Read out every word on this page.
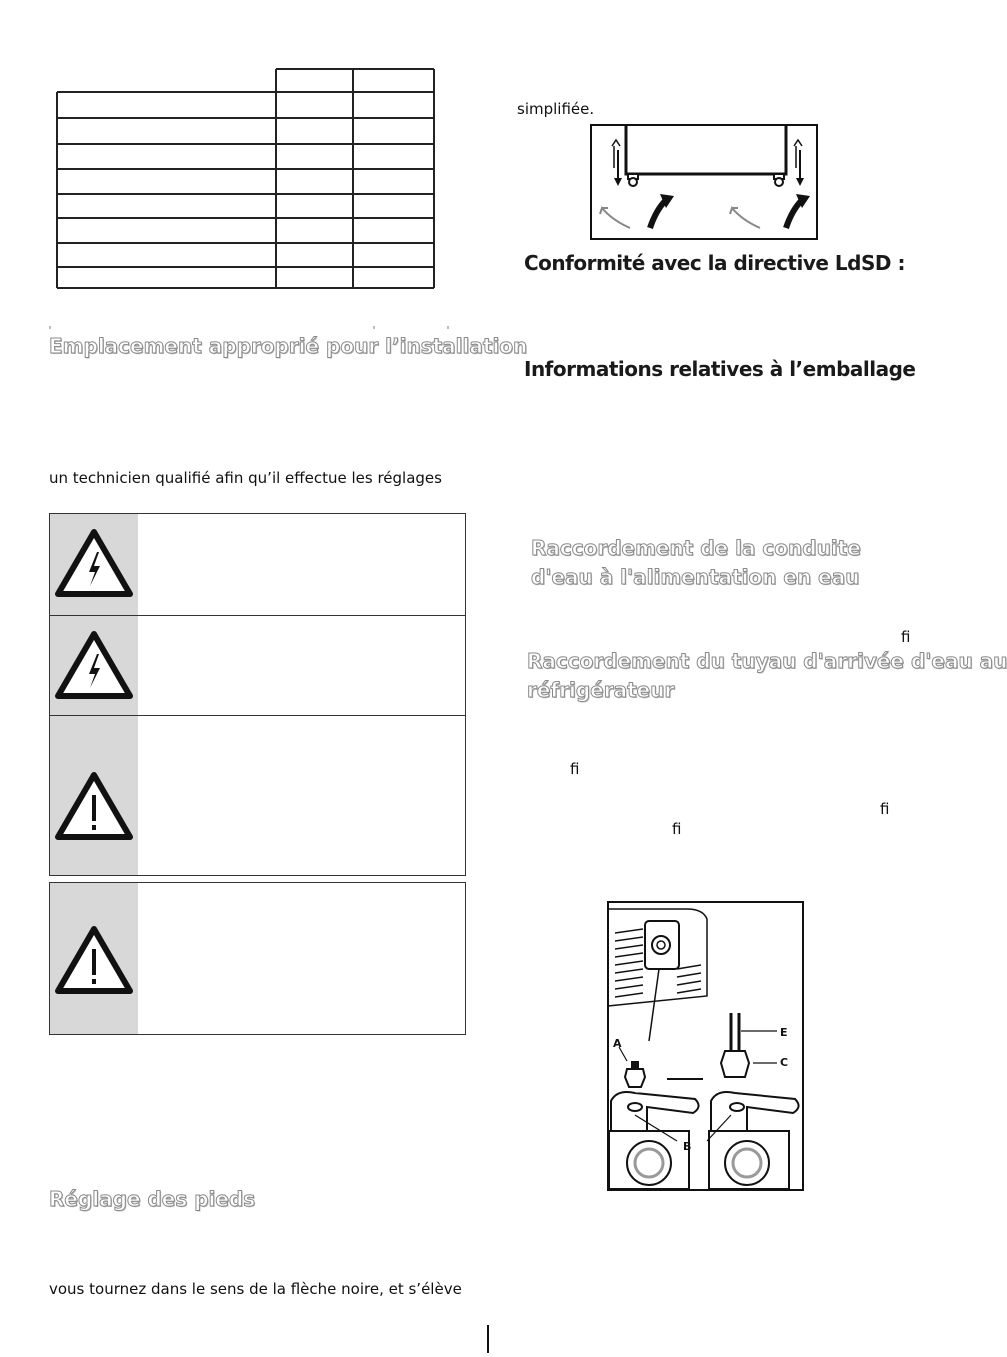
Emplacement approprié pour l’installation
un technicien qualifié afin qu’il effectue les réglages
Réglage des pieds
vous tournez dans le sens de la flèche noire, et s’élève
simplifiée.
Conformité avec la directive LdSD :
Informations relatives à l’emballage
Raccordement de la conduite d'eau à l'alimentation en eau
ﬁ
Raccordement du tuyau d'arrivée d'eau au
réfrigérateur
ﬁ
ﬁ
ﬁ
A
E
C
B
